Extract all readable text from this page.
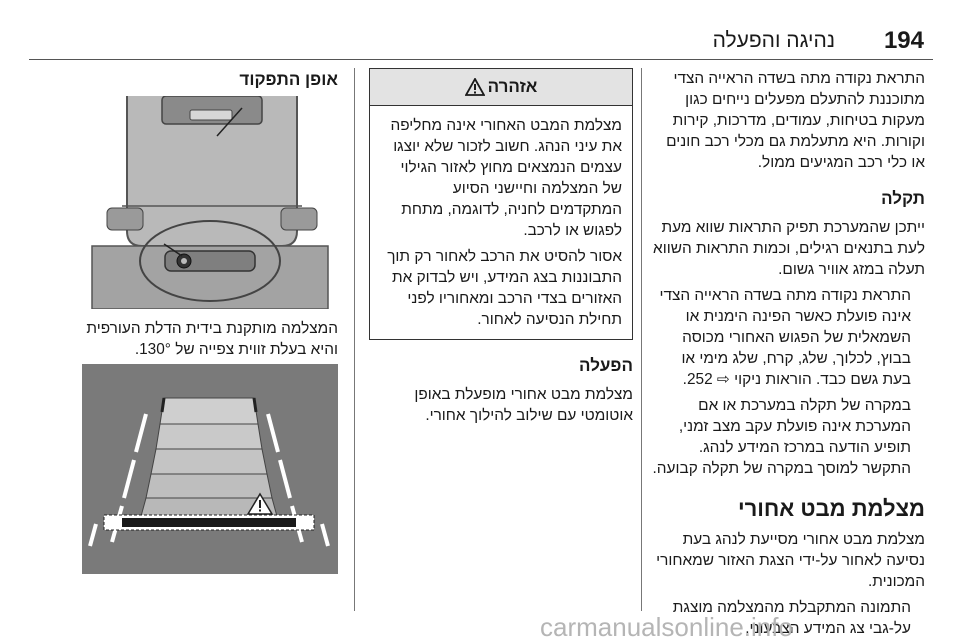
194
נהיגה והפעלה

התראת נקודה מתה בשדה הראייה הצדי מתוכננת להתעלם מפעלים נייחים כגון מעקות בטיחות, עמודים, מדרכות, קירות וקורות. היא מתעלמת גם מכלי רכב חונים או כלי רכב המגיעים ממול.

תקלה

ייתכן שהמערכת תפיק התראות שווא מעת לעת בתנאים רגילים, וכמות התראות השווא תעלה במזג אוויר גשום.

התראת נקודה מתה בשדה הראייה הצדי אינה פועלת כאשר הפינה הימנית או השמאלית של הפגוש האחורי מכוסה בבוץ, לכלוך, שלג, קרח, שלג מימי או בעת גשם כבד. הוראות ניקוי ⇨ 252.

במקרה של תקלה במערכת או אם המערכת אינה פועלת עקב מצב זמני, תופיע הודעה במרכז המידע לנהג. התקשר למוסך במקרה של תקלה קבועה.

מצלמת מבט אחורי

מצלמת מבט אחורי מסייעת לנהג בעת נסיעה לאחור על-ידי הצגת האזור שמאחורי המכונית.

התמונה המתקבלת מהמצלמה מוצגת על-גבי צג המידע הצבעוני.

אזהרה

מצלמת המבט האחורי אינה מחליפה את עיני הנהג. חשוב לזכור שלא יוצגו עצמים הנמצאים מחוץ לאזור הגילוי של המצלמה וחיישני הסיוע המתקדמים לחניה, לדוגמה, מתחת לפגוש או לרכב.

אסור להסיט את הרכב לאחור רק תוך התבוננות בצג המידע, ויש לבדוק את האזורים בצדי הרכב ומאחוריו לפני תחילת הנסיעה לאחור.

הפעלה

מצלמת מבט אחורי מופעלת באופן אוטומטי עם שילוב להילוך אחורי.

אופן התפקוד

המצלמה מותקנת בידית הדלת העורפית והיא בעלת זווית צפייה של 130°.

carmanualsonline.info
